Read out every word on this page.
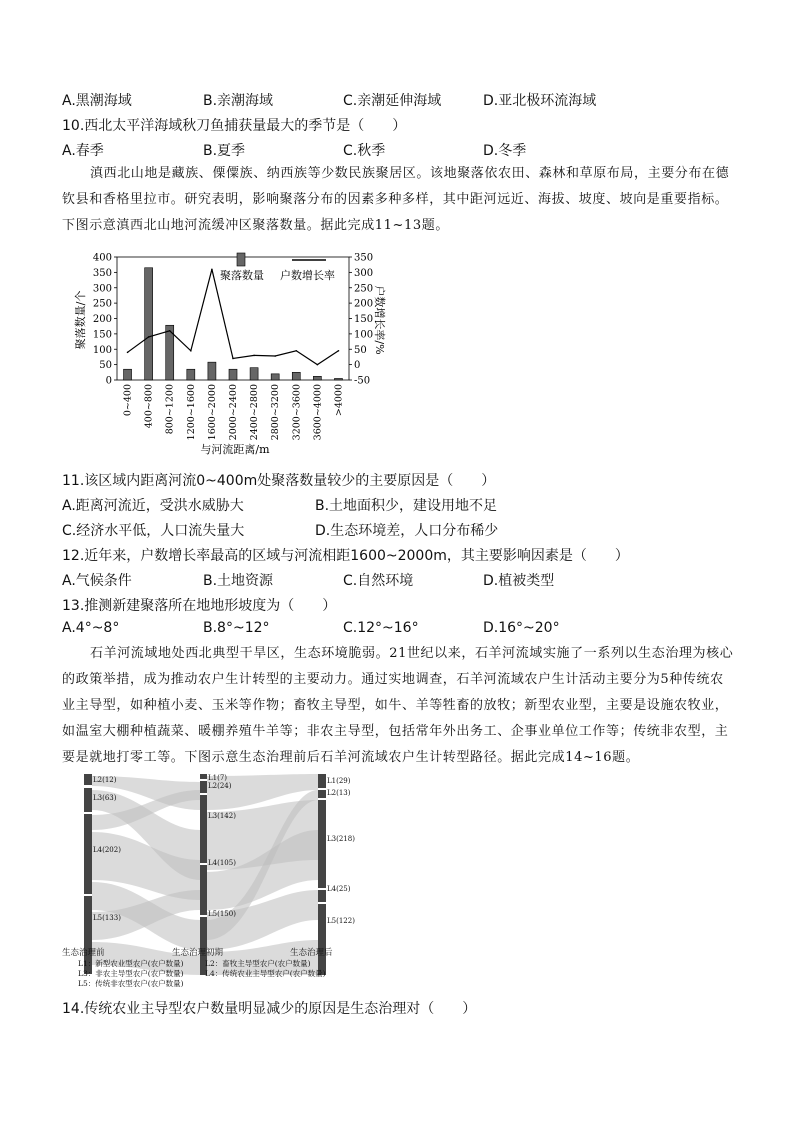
A.黑潮海域	B.亲潮海域	C.亲潮延伸海域	D.亚北极环流海域
10.西北太平洋海域秋刀鱼捕获量最大的季节是（　　）
A.春季	B.夏季	C.秋季	D.冬季
滇西北山地是藏族、傈僳族、纳西族等少数民族聚居区。该地聚落依农田、森林和草原布局，主要分布在德钦县和香格里拉市。研究表明，影响聚落分布的因素多种多样，其中距河远近、海拔、坡度、坡向是重要指标。下图示意滇西北山地河流缓冲区聚落数量。据此完成11~13题。
聚落数量/个	户数增长率/%
与河流距离/m
0
50
100
150
200
250
300
350
400
-50
0
50
100
150
200
250
300
350
0~400 400~800 800~1200 1200~1600 1600~2000 2000~2400 2400~2800 2800~3200 3200~3600 3600~4000 >4000
聚落数量 户数增长率
11.该区域内距离河流0~400m处聚落数量较少的主要原因是（　　）
A.距离河流近，受洪水威胁大	B.土地面积少，建设用地不足
C.经济水平低，人口流失量大	D.生态环境差，人口分布稀少
12.近年来，户数增长率最高的区域与河流相距1600~2000m，其主要影响因素是（　　）
A.气候条件	B.土地资源	C.自然环境	D.植被类型
13.推测新建聚落所在地地形坡度为（　　）
A.4°~8°	B.8°~12°	C.12°~16°	D.16°~20°
石羊河流域地处西北典型干旱区，生态环境脆弱。21世纪以来，石羊河流域实施了一系列以生态治理为核心的政策举措，成为推动农户生计转型的主要动力。通过实地调查，石羊河流域农户生计活动主要分为5种传统农业主导型，如种植小麦、玉米等作物；畜牧主导型，如牛、羊等牲畜的放牧；新型农业型，主要是设施农牧业，如温室大棚种植蔬菜、暖棚养殖牛羊等；非农主导型，包括常年外出务工、企事业单位工作等；传统非农型，主要是就地打零工等。下图示意生态治理前后石羊河流域农户生计转型路径。据此完成14~16题。
L2(12)
L3(63)
L4(202)
L5(133)
L1(7)
L2(24)
L3(142)
L4(105)
L5(150)
L1(29)
L2(13)
L3(218)
L4(25)
L5(122)
生态治理前	生态治理初期	生态治理后
L1：新型农业型农户(农户数量)	L2：畜牧主导型农户(农户数量)
L3：非农主导型农户(农户数量)	L4：传统农业主导型农户(农户数量)
L5：传统非农型农户(农户数量)
14.传统农业主导型农户数量明显减少的原因是生态治理对（　　）
